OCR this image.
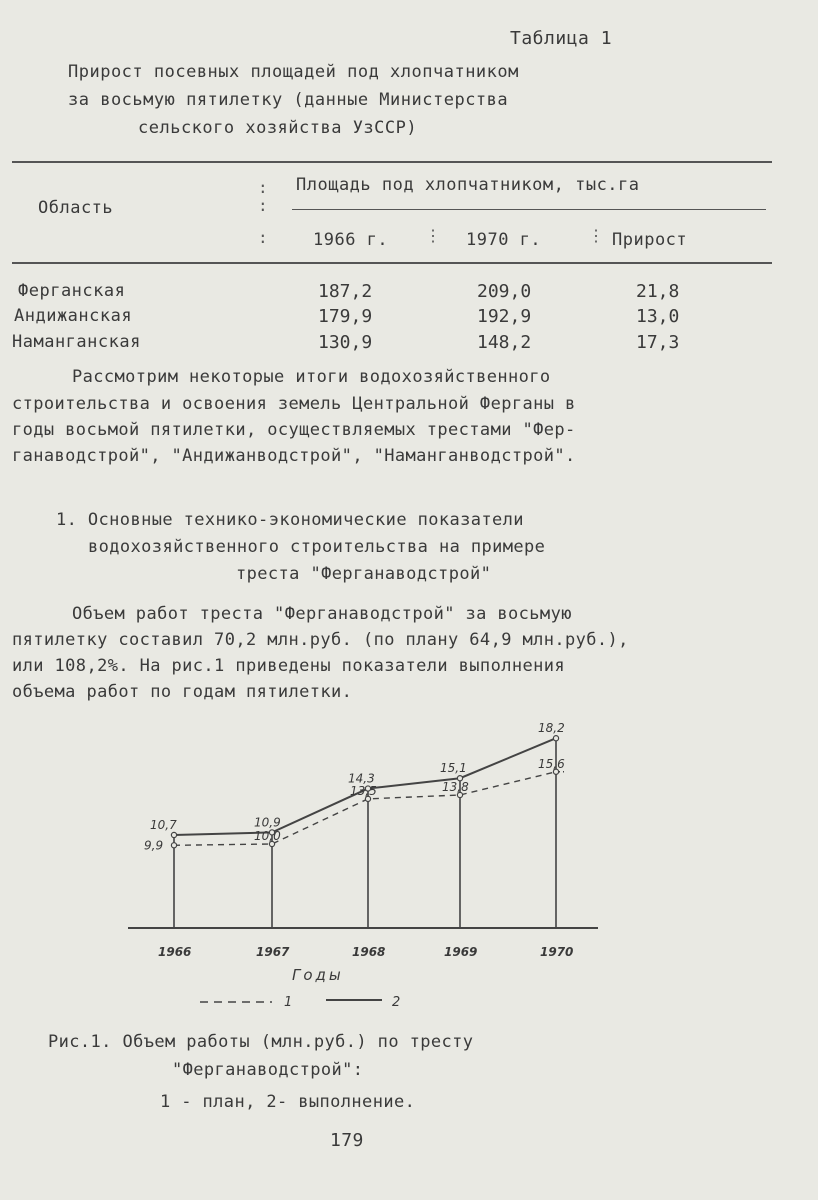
Таблица 1
Прирост посевных площадей под хлопчатником
за восьмую пятилетку (данные Министерства
сельского хозяйства УзССР)
Область
:
:
Площадь под хлопчатником, тыс.га
:	1966 г. ⋮ 1970 г.	⋮ Прирост
Ферганская	187,2	209,0	21,8
Андижанская	179,9	192,9	13,0
Наманганская	130,9	148,2	17,3
Рассмотрим некоторые итоги водохозяйственного
строительства и освоения земель Центральной Ферганы в
годы восьмой пятилетки, осуществляемых трестами "Фер-
ганаводстрой", "Андижанводстрой", "Наманганводстрой".
1. Основные технико-экономические показатели
водохозяйственного строительства на примере
треста "Ферганаводстрой"
Объем работ треста "Ферганаводстрой" за восьмую
пятилетку составил 70,2 млн.руб. (по плану 64,9 млн.руб.),
или 108,2%. На рис.1 приведены показатели выполнения
объема работ по годам пятилетки.
10,7
9,9
1966
10,9
10,0
1967
14,3
13,5
1968
15,1
13,8
1969
18,2
15,6
1970
Годы
1	2
Рис.1. Объем работы (млн.руб.) по тресту
"Ферганаводстрой":
1 - план, 2- выполнение.
179
